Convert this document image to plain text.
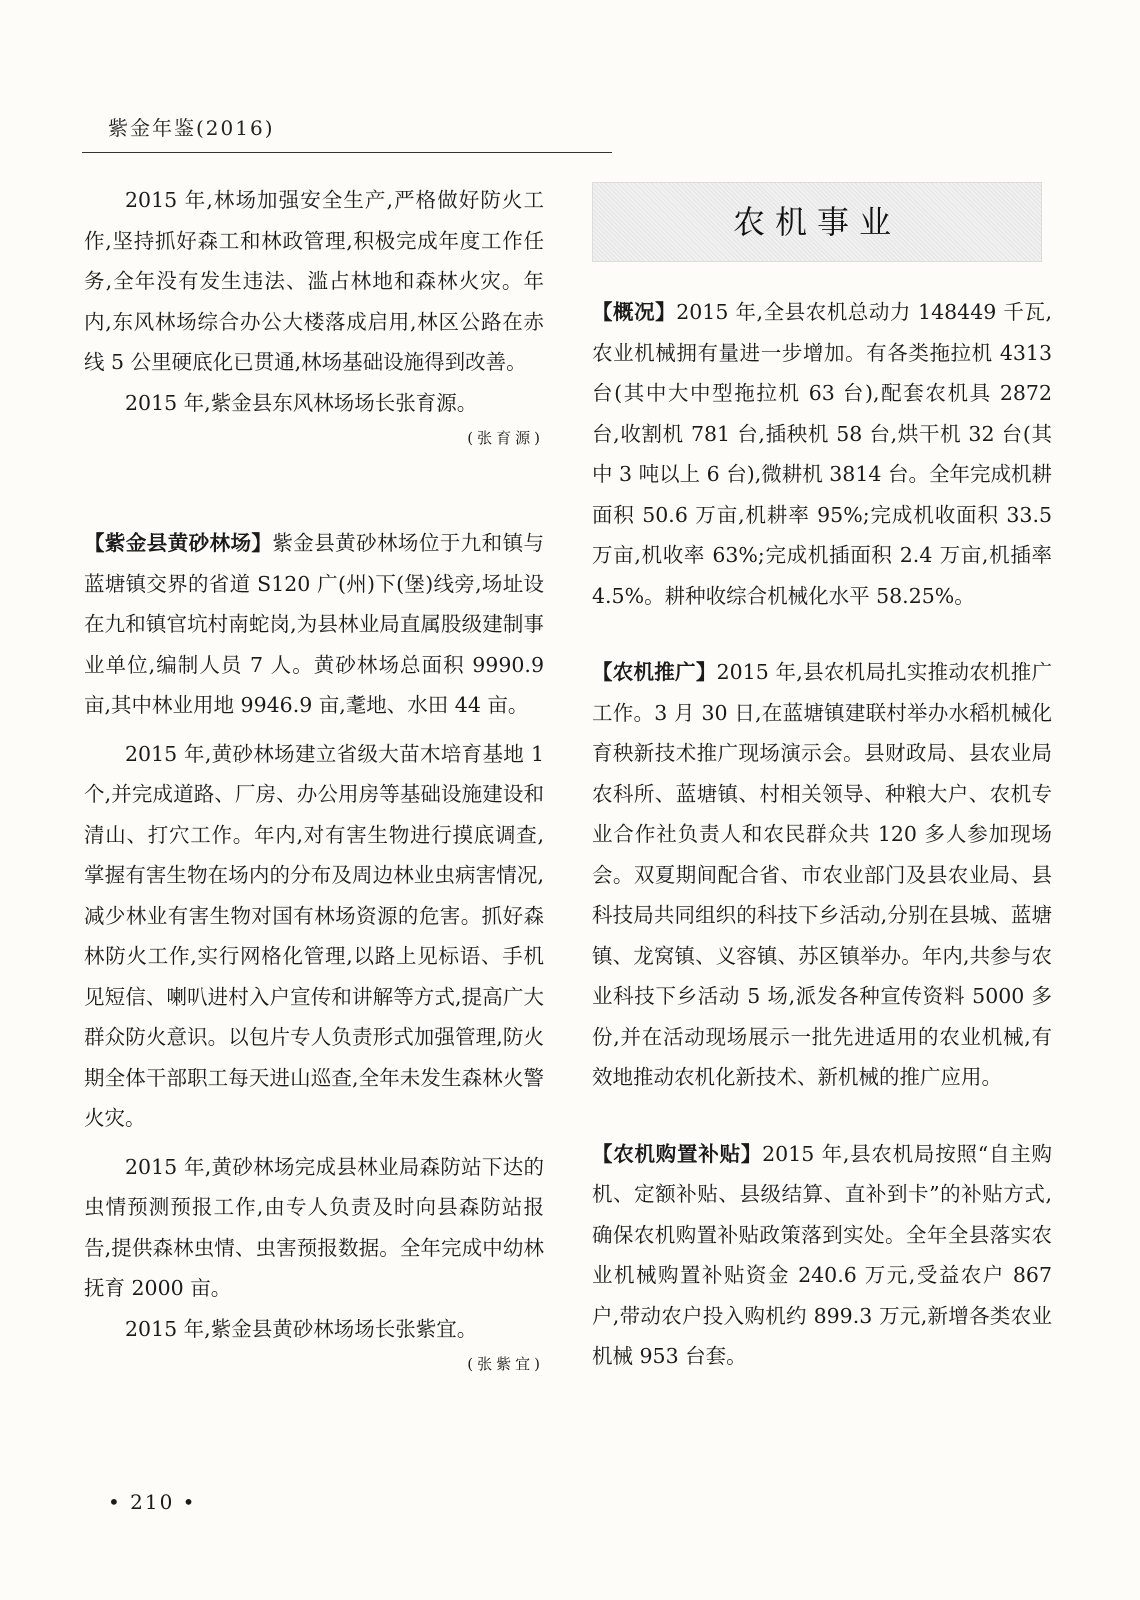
紫金年鉴(2016)

2015 年,林场加强安全生产,严格做好防火工作,坚持抓好森工和林政管理,积极完成年度工作任务,全年没有发生违法、滥占林地和森林火灾。年内,东风林场综合办公大楼落成启用,林区公路在赤线 5 公里硬底化已贯通,林场基础设施得到改善。

2015 年,紫金县东风林场场长张育源。

(张育源)

【紫金县黄砂林场】紫金县黄砂林场位于九和镇与蓝塘镇交界的省道 S120 广(州)下(堡)线旁,场址设在九和镇官坑村南蛇岗,为县林业局直属股级建制事业单位,编制人员 7 人。黄砂林场总面积 9990.9 亩,其中林业用地 9946.9 亩,耄地、水田 44 亩。

2015 年,黄砂林场建立省级大苗木培育基地 1 个,并完成道路、厂房、办公用房等基础设施建设和清山、打穴工作。年内,对有害生物进行摸底调查,掌握有害生物在场内的分布及周边林业虫病害情况,减少林业有害生物对国有林场资源的危害。抓好森林防火工作,实行网格化管理,以路上见标语、手机见短信、喇叭进村入户宣传和讲解等方式,提高广大群众防火意识。以包片专人负责形式加强管理,防火期全体干部职工每天进山巡查,全年未发生森林火警火灾。

2015 年,黄砂林场完成县林业局森防站下达的虫情预测预报工作,由专人负责及时向县森防站报告,提供森林虫情、虫害预报数据。全年完成中幼林抚育 2000 亩。

2015 年,紫金县黄砂林场场长张紫宜。

(张紫宜)

农机事业

【概况】2015 年,全县农机总动力 148449 千瓦,农业机械拥有量进一步增加。有各类拖拉机 4313 台(其中大中型拖拉机 63 台),配套农机具 2872 台,收割机 781 台,插秧机 58 台,烘干机 32 台(其中 3 吨以上 6 台),微耕机 3814 台。全年完成机耕面积 50.6 万亩,机耕率 95%;完成机收面积 33.5 万亩,机收率 63%;完成机插面积 2.4 万亩,机插率 4.5%。耕种收综合机械化水平 58.25%。

【农机推广】2015 年,县农机局扎实推动农机推广工作。3 月 30 日,在蓝塘镇建联村举办水稻机械化育秧新技术推广现场演示会。县财政局、县农业局农科所、蓝塘镇、村相关领导、种粮大户、农机专业合作社负责人和农民群众共 120 多人参加现场会。双夏期间配合省、市农业部门及县农业局、县科技局共同组织的科技下乡活动,分别在县城、蓝塘镇、龙窝镇、义容镇、苏区镇举办。年内,共参与农业科技下乡活动 5 场,派发各种宣传资料 5000 多份,并在活动现场展示一批先进适用的农业机械,有效地推动农机化新技术、新机械的推广应用。

【农机购置补贴】2015 年,县农机局按照“自主购机、定额补贴、县级结算、直补到卡”的补贴方式,确保农机购置补贴政策落到实处。全年全县落实农业机械购置补贴资金 240.6 万元,受益农户 867 户,带动农户投入购机约 899.3 万元,新增各类农业机械 953 台套。

• 210 •
